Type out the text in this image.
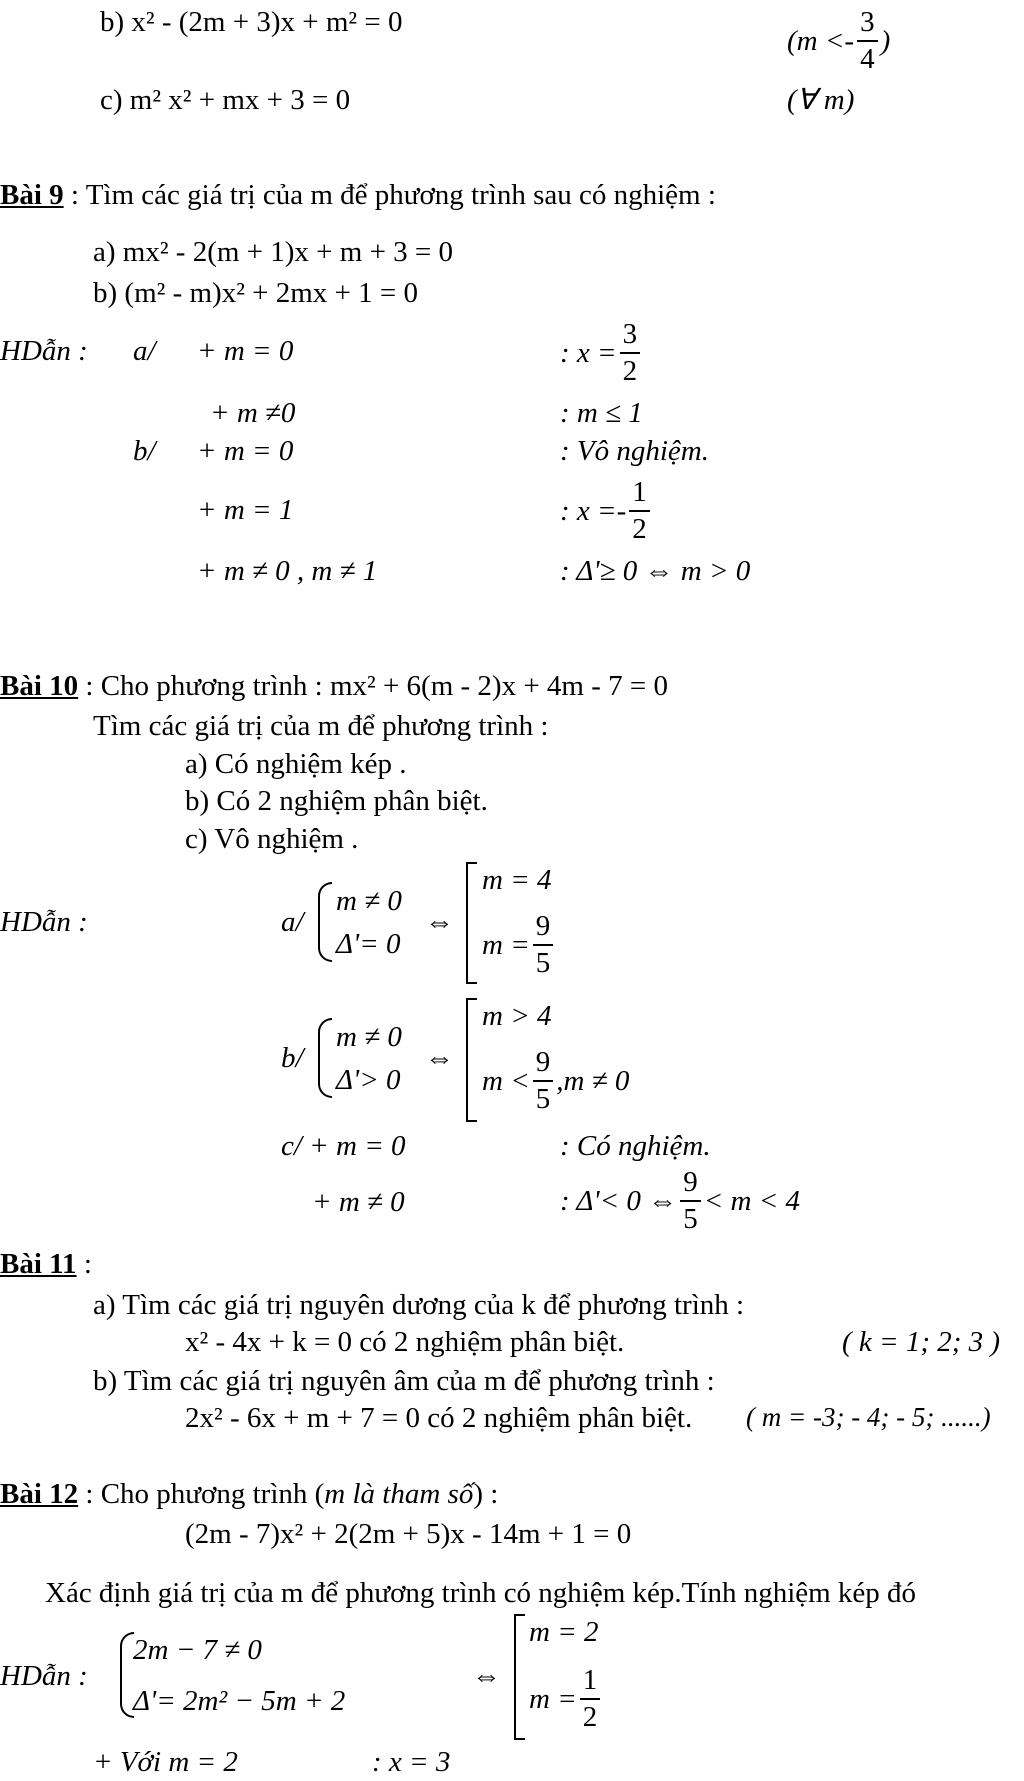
b) x² - (2m + 3)x + m² = 0
($m <- \frac{3}{4}$ )
c) m² x² + mx + 3 = 0	(∀ m)
Bài 9 : Tìm các giá trị của m để phương trình sau có nghiệm :
a) mx² - 2(m + 1)x + m + 3 = 0
b) (m² - m)x² + 2mx + 1 = 0
HDẫn : a/ + m = 0	: $x = \frac{3}{2}$
+ m ≠0	: m ≤ 1
b/ + m = 0	: Vô nghiệm.
+ m = 1	: $x =- \frac{1}{2}$
+ m ≠ 0 , m ≠ 1	: Δ'≥ 0 ⇔ m > 0
Bài 10 : Cho phương trình : mx² + 6(m - 2)x + 4m - 7 = 0
Tìm các giá trị của m để phương trình :
a) Có nghiệm kép .
b) Có 2 nghiệm phân biệt.
c) Vô nghiệm .
HDẫn :	a/
m ≠ 0
Δ'= 0
⇔
m = 4
$m = \frac{9}{5}$
b/
m ≠ 0
Δ'> 0
⇔
m > 4
$m < \frac{9}{5} ,m \ne 0$
c/ + m = 0	: Có nghiệm.
+ m ≠ 0	: Δ'< 0 ⇔ $\frac{9}{5} < m < 4$
Bài 11 :
a) Tìm các giá trị nguyên dương của k để phương trình :
x² - 4x + k = 0 có 2 nghiệm phân biệt.	( k = 1; 2; 3 )
b) Tìm các giá trị nguyên âm của m để phương trình :
2x² - 6x + m + 7 = 0 có 2 nghiệm phân biệt. ( m = -3; - 4; - 5; ......)
Bài 12 : Cho phương trình (m là tham số) :
(2m - 7)x² + 2(2m + 5)x - 14m + 1 = 0
Xác định giá trị của m để phương trình có nghiệm kép.Tính nghiệm kép đó
HDẫn :
2m − 7 ≠ 0
Δ'= 2m² − 5m + 2
⇔
m = 2
$m = \frac{1}{2}$
+ Với m = 2	: x = 3
